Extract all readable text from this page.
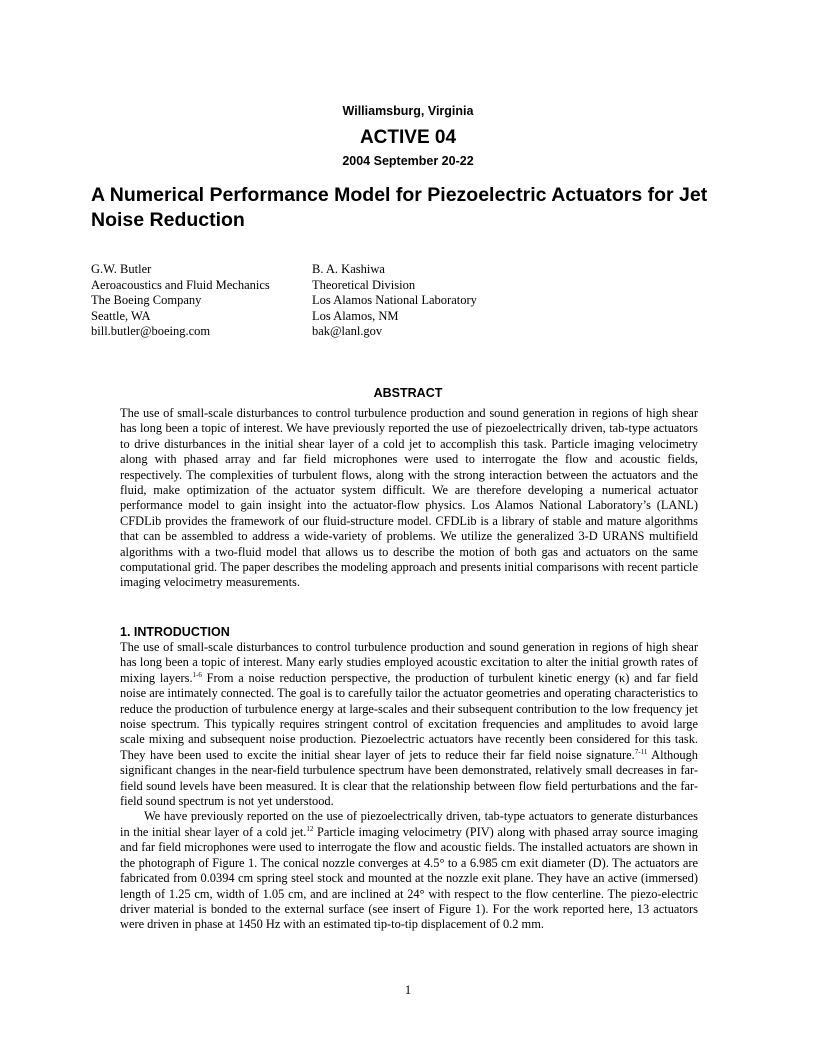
Williamsburg, Virginia
ACTIVE 04
2004 September 20-22
A Numerical Performance Model for Piezoelectric Actuators for Jet Noise Reduction
G.W. Butler
Aeroacoustics and Fluid Mechanics
The Boeing Company
Seattle, WA
bill.butler@boeing.com
B. A. Kashiwa
Theoretical Division
Los Alamos National Laboratory
Los Alamos, NM
bak@lanl.gov
ABSTRACT

The use of small-scale disturbances to control turbulence production and sound generation in regions of high shear has long been a topic of interest. We have previously reported the use of piezoelectrically driven, tab-type actuators to drive disturbances in the initial shear layer of a cold jet to accomplish this task. Particle imaging velocimetry along with phased array and far field microphones were used to interrogate the flow and acoustic fields, respectively. The complexities of turbulent flows, along with the strong interaction between the actuators and the fluid, make optimization of the actuator system difficult. We are therefore developing a numerical actuator performance model to gain insight into the actuator-flow physics. Los Alamos National Laboratory’s (LANL) CFDLib provides the framework of our fluid-structure model. CFDLib is a library of stable and mature algorithms that can be assembled to address a wide-variety of problems. We utilize the generalized 3-D URANS multifield algorithms with a two-fluid model that allows us to describe the motion of both gas and actuators on the same computational grid. The paper describes the modeling approach and presents initial comparisons with recent particle imaging velocimetry measurements.

1. INTRODUCTION

The use of small-scale disturbances to control turbulence production and sound generation in regions of high shear has long been a topic of interest. Many early studies employed acoustic excitation to alter the initial growth rates of mixing layers.$^{1-6}$ From a noise reduction perspective, the production of turbulent kinetic energy (κ) and far field noise are intimately connected. The goal is to carefully tailor the actuator geometries and operating characteristics to reduce the production of turbulence energy at large-scales and their subsequent contribution to the low frequency jet noise spectrum. This typically requires stringent control of excitation frequencies and amplitudes to avoid large scale mixing and subsequent noise production. Piezoelectric actuators have recently been considered for this task. They have been used to excite the initial shear layer of jets to reduce their far field noise signature.$^{7-11}$ Although significant changes in the near-field turbulence spectrum have been demonstrated, relatively small decreases in far-field sound levels have been measured. It is clear that the relationship between flow field perturbations and the far-field sound spectrum is not yet understood.

We have previously reported on the use of piezoelectrically driven, tab-type actuators to generate disturbances in the initial shear layer of a cold jet.$^{12}$ Particle imaging velocimetry (PIV) along with phased array source imaging and far field microphones were used to interrogate the flow and acoustic fields. The installed actuators are shown in the photograph of Figure 1. The conical nozzle converges at 4.5° to a 6.985 cm exit diameter (D). The actuators are fabricated from 0.0394 cm spring steel stock and mounted at the nozzle exit plane. They have an active (immersed) length of 1.25 cm, width of 1.05 cm, and are inclined at 24° with respect to the flow centerline. The piezo-electric driver material is bonded to the external surface (see insert of Figure 1). For the work reported here, 13 actuators were driven in phase at 1450 Hz with an estimated tip-to-tip displacement of 0.2 mm.

1
